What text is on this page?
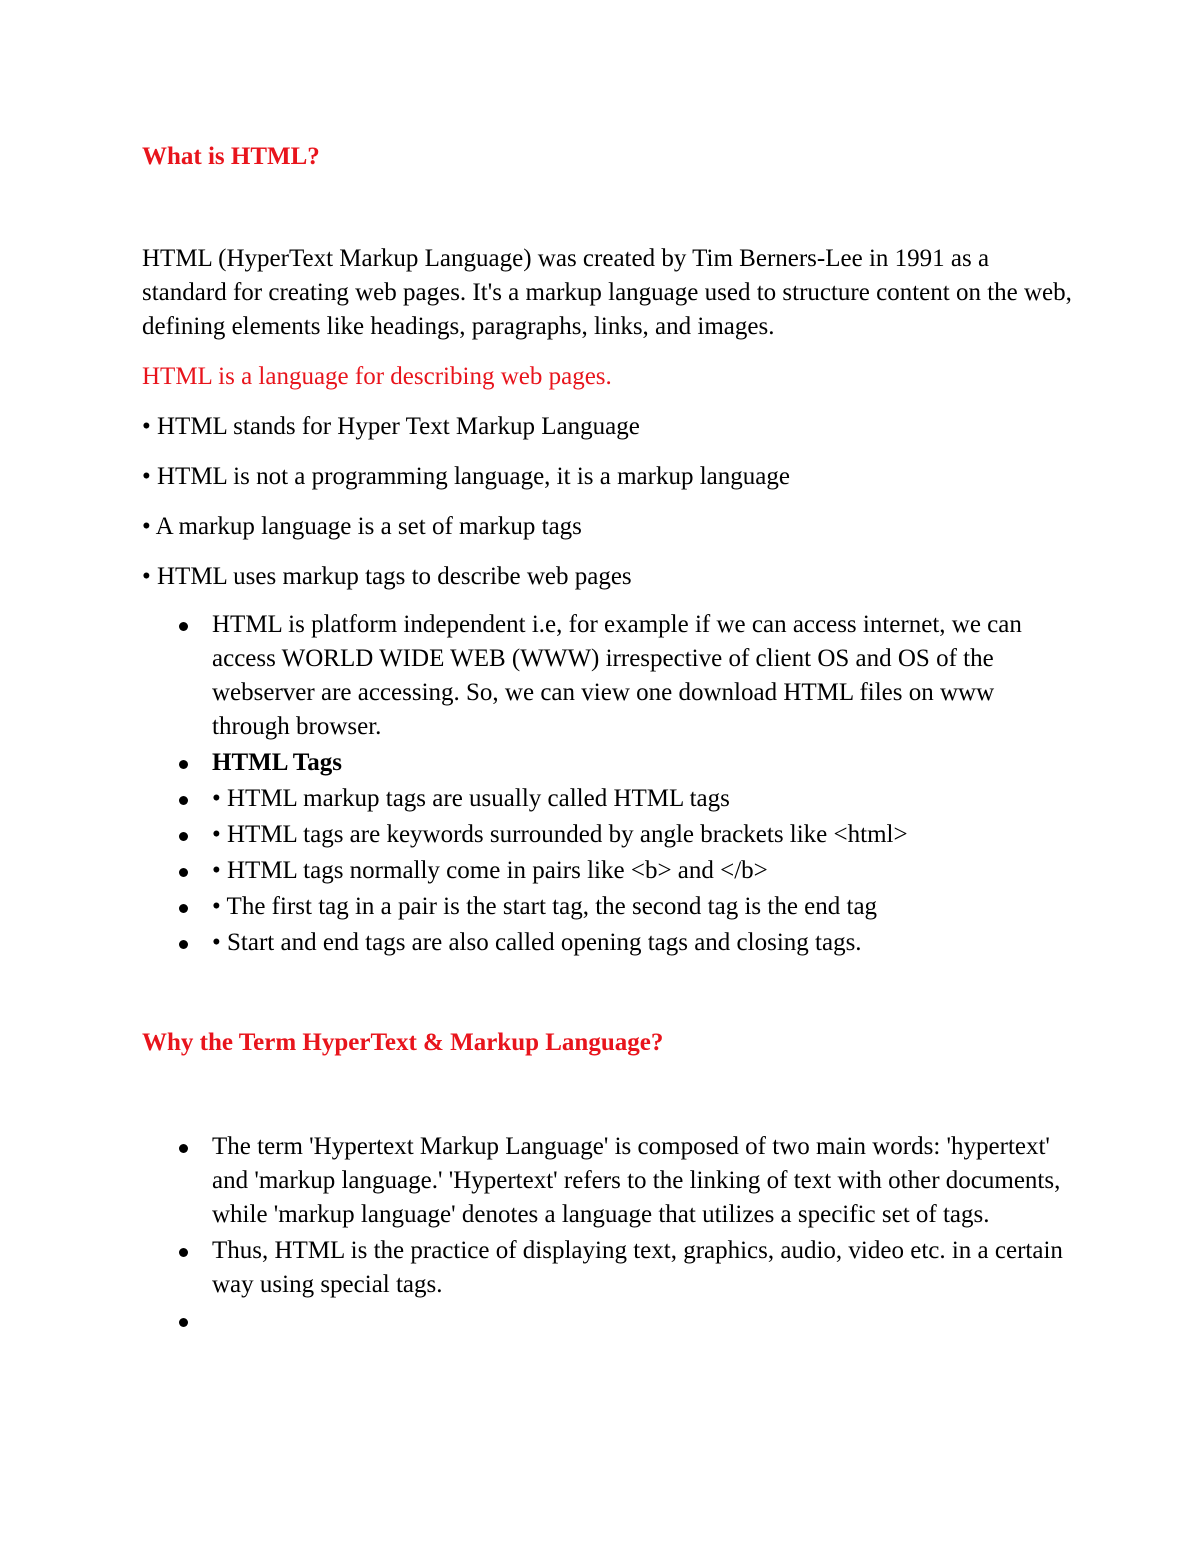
What is HTML?

HTML (HyperText Markup Language) was created by Tim Berners-Lee in 1991 as a standard for creating web pages. It's a markup language used to structure content on the web, defining elements like headings, paragraphs, links, and images.

HTML is a language for describing web pages.

• HTML stands for Hyper Text Markup Language

• HTML is not a programming language, it is a markup language

• A markup language is a set of markup tags

• HTML uses markup tags to describe web pages

HTML is platform independent i.e, for example if we can access internet, we can access WORLD WIDE WEB (WWW) irrespective of client OS and OS of the webserver are accessing. So, we can view one download HTML files on www through browser.
HTML Tags
• HTML markup tags are usually called HTML tags
• HTML tags are keywords surrounded by angle brackets like <html>
• HTML tags normally come in pairs like <b> and </b>
• The first tag in a pair is the start tag, the second tag is the end tag
• Start and end tags are also called opening tags and closing tags.

Why the Term HyperText & Markup Language?

The term 'Hypertext Markup Language' is composed of two main words: 'hypertext' and 'markup language.' 'Hypertext' refers to the linking of text with other documents, while 'markup language' denotes a language that utilizes a specific set of tags.
Thus, HTML is the practice of displaying text, graphics, audio, video etc. in a certain way using special tags.
